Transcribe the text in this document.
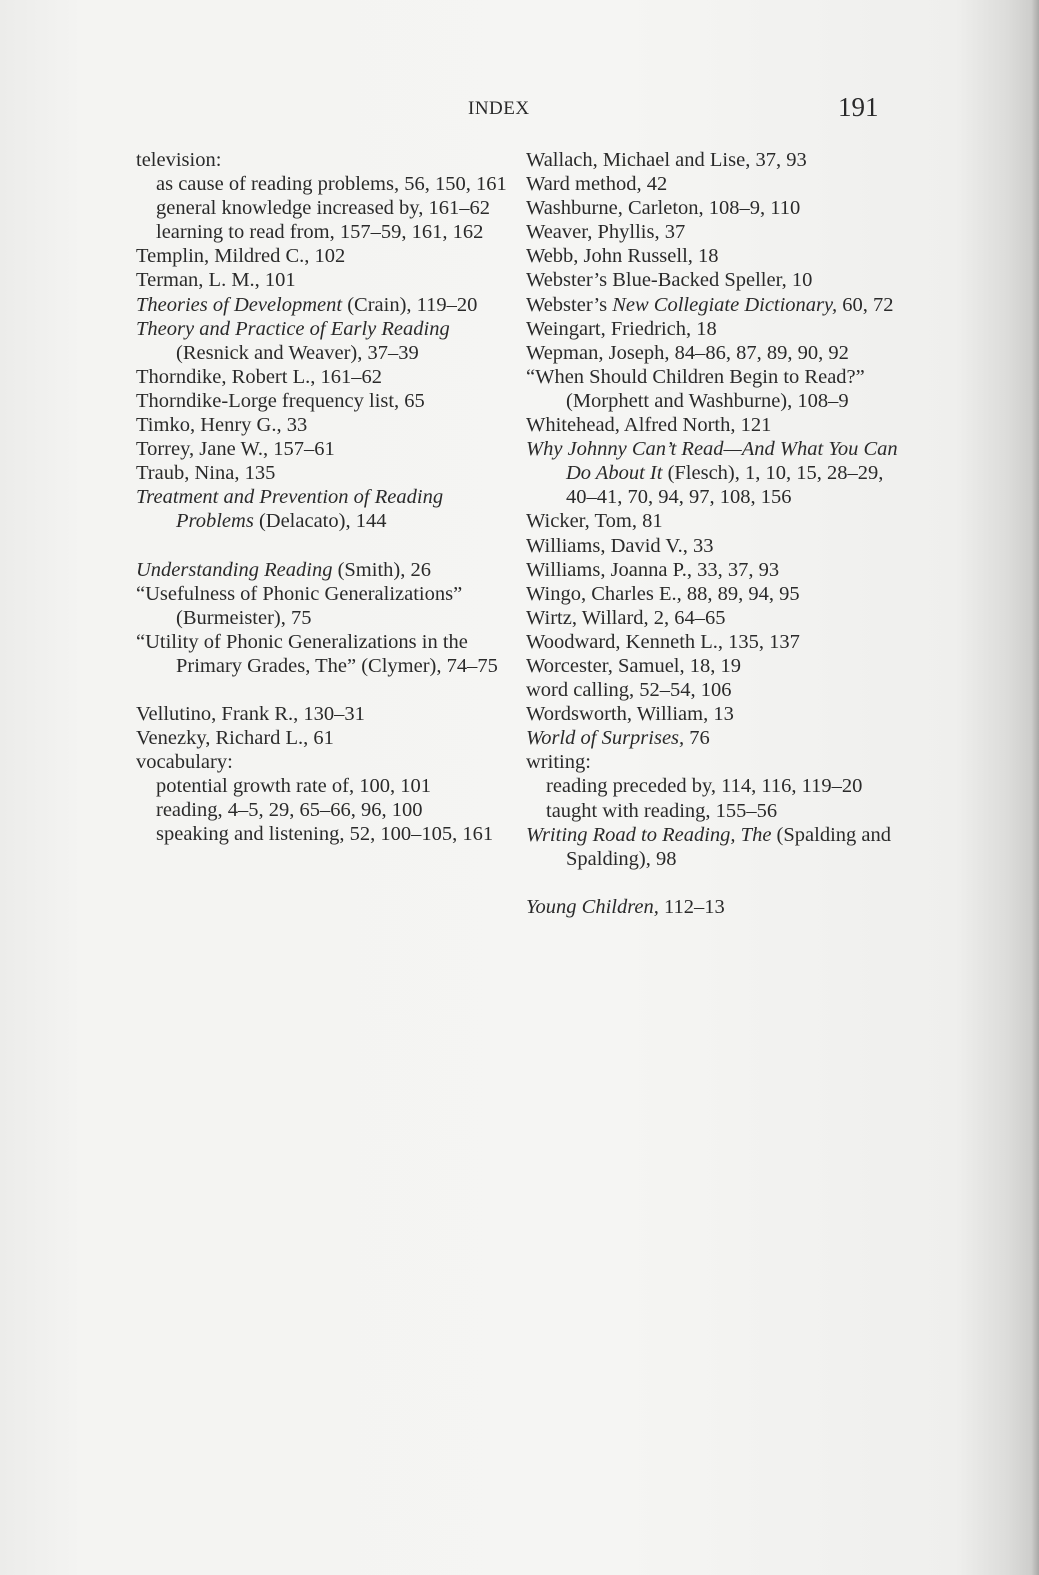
INDEX	191

television:

as cause of reading problems, 56, 150, 161

general knowledge increased by, 161–62

learning to read from, 157–59, 161, 162

Templin, Mildred C., 102

Terman, L. M., 101

Theories of Development (Crain), 119–20

Theory and Practice of Early Reading (Resnick and Weaver), 37–39

Thorndike, Robert L., 161–62

Thorndike-Lorge frequency list, 65

Timko, Henry G., 33

Torrey, Jane W., 157–61

Traub, Nina, 135

Treatment and Prevention of Reading Problems (Delacato), 144

Understanding Reading (Smith), 26

“Usefulness of Phonic Generalizations” (Burmeister), 75

“Utility of Phonic Generalizations in the Primary Grades, The” (Clymer), 74–75

Vellutino, Frank R., 130–31

Venezky, Richard L., 61

vocabulary:

potential growth rate of, 100, 101

reading, 4–5, 29, 65–66, 96, 100

speaking and listening, 52, 100–105, 161

Wallach, Michael and Lise, 37, 93

Ward method, 42

Washburne, Carleton, 108–9, 110

Weaver, Phyllis, 37

Webb, John Russell, 18

Webster’s Blue-Backed Speller, 10

Webster’s New Collegiate Dictionary, 60, 72

Weingart, Friedrich, 18

Wepman, Joseph, 84–86, 87, 89, 90, 92

“When Should Children Begin to Read?” (Morphett and Washburne), 108–9

Whitehead, Alfred North, 121

Why Johnny Can’t Read—And What You Can Do About It (Flesch), 1, 10, 15, 28–29, 40–41, 70, 94, 97, 108, 156

Wicker, Tom, 81

Williams, David V., 33

Williams, Joanna P., 33, 37, 93

Wingo, Charles E., 88, 89, 94, 95

Wirtz, Willard, 2, 64–65

Woodward, Kenneth L., 135, 137

Worcester, Samuel, 18, 19

word calling, 52–54, 106

Wordsworth, William, 13

World of Surprises, 76

writing:

reading preceded by, 114, 116, 119–20

taught with reading, 155–56

Writing Road to Reading, The (Spalding and Spalding), 98

Young Children, 112–13
